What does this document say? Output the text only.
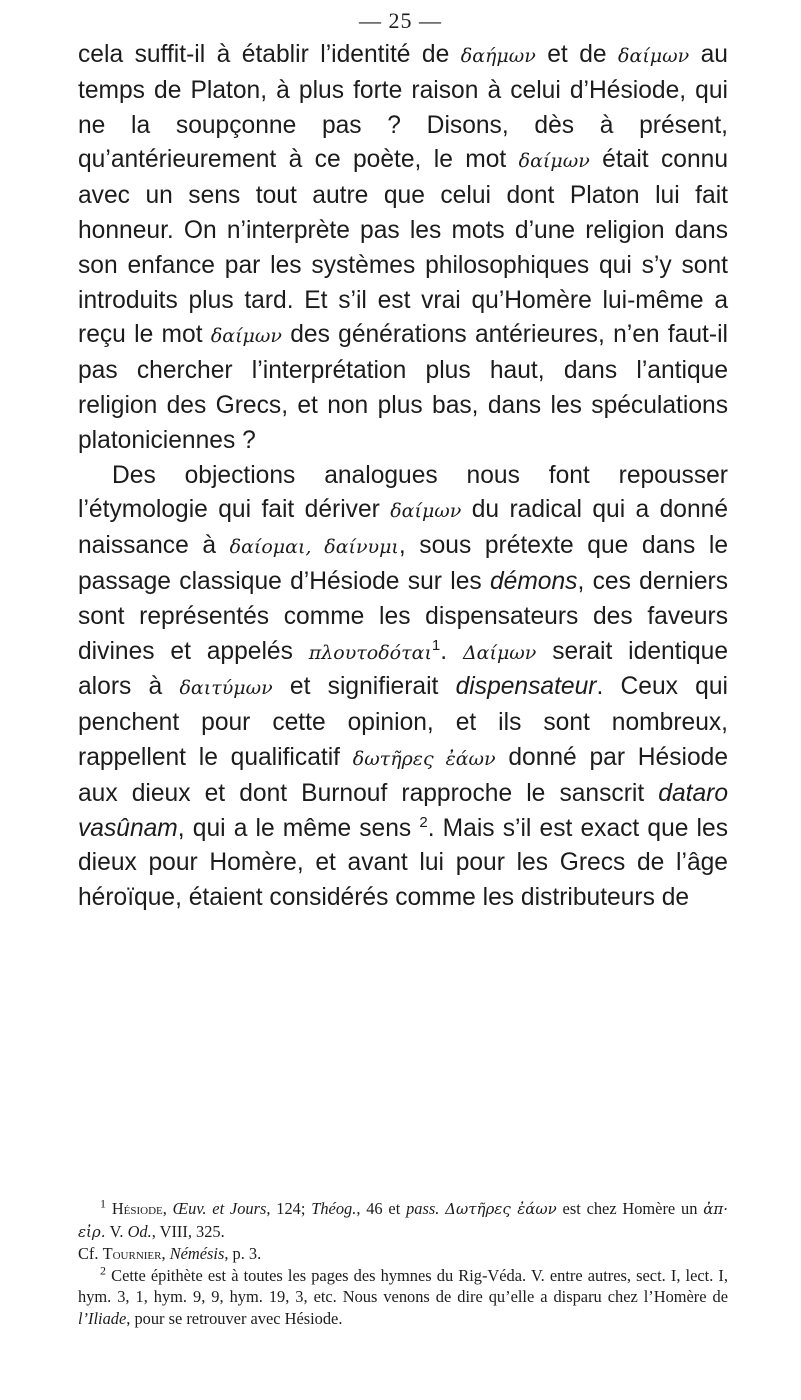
— 25 —

cela suffit-il à établir l’identité de δαήμων et de δαίμων au temps de Platon, à plus forte raison à celui d’Hésiode, qui ne la soupçonne pas ? Disons, dès à présent, qu’antérieurement à ce poète, le mot δαίμων était connu avec un sens tout autre que celui dont Platon lui fait honneur. On n’interprète pas les mots d’une religion dans son enfance par les systèmes philosophiques qui s’y sont introduits plus tard. Et s’il est vrai qu’Homère lui-même a reçu le mot δαίμων des générations antérieures, n’en faut-il pas chercher l’interprétation plus haut, dans l’antique religion des Grecs, et non plus bas, dans les spéculations platoniciennes ?

Des objections analogues nous font repousser l’étymologie qui fait dériver δαίμων du radical qui a donné naissance à δαίομαι, δαίνυμι, sous prétexte que dans le passage classique d’Hésiode sur les démons, ces derniers sont représentés comme les dispensateurs des faveurs divines et appelés πλουτοδόται$^1$. Δαίμων serait identique alors à δαιτύμων et signifierait dispensateur. Ceux qui penchent pour cette opinion, et ils sont nombreux, rappellent le qualificatif δωτῆρες ἐάων donné par Hésiode aux dieux et dont Burnouf rapproche le sanscrit dataro vasûnam, qui a le même sens $^2$. Mais s’il est exact que les dieux pour Homère, et avant lui pour les Grecs de l’âge héroïque, étaient considérés comme les distributeurs de

$^1$ Hésiode, Œuv. et Jours, 124; Théog., 46 et pass. Δωτῆρες ἐάων est chez Homère un ἀπ· εἰρ. V. Od., VIII, 325.

Cf. Tournier, Némésis, p. 3.

$^2$ Cette épithète est à toutes les pages des hymnes du Rig-Véda. V. entre autres, sect. I, lect. I, hym. 3, 1, hym. 9, 9, hym. 19, 3, etc. Nous venons de dire qu’elle a disparu chez l’Homère de l’Iliade, pour se retrouver avec Hésiode.
